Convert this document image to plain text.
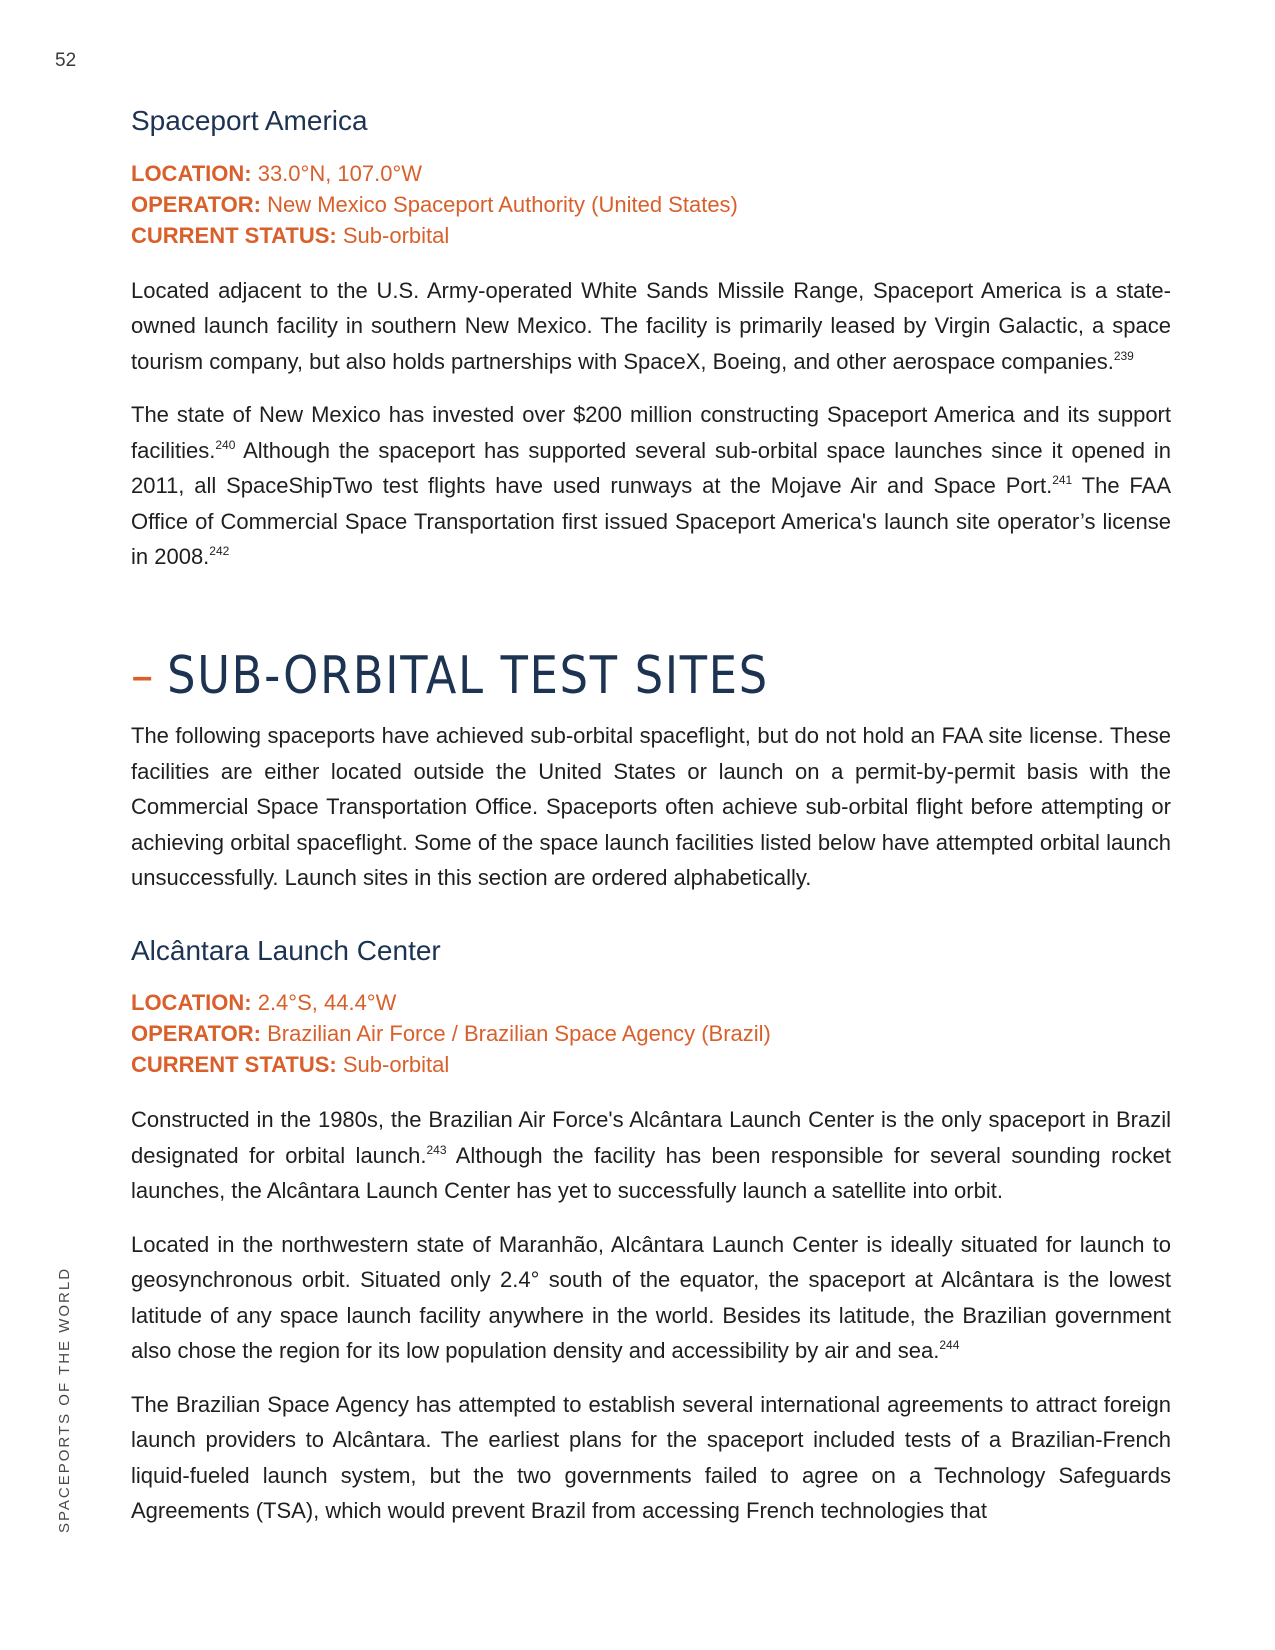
52
SPACEPORTS OF THE WORLD
Spaceport America

LOCATION: 33.0°N, 107.0°W

OPERATOR: New Mexico Spaceport Authority (United States)

CURRENT STATUS: Sub-orbital

Located adjacent to the U.S. Army-operated White Sands Missile Range, Spaceport America is a state-owned launch facility in southern New Mexico. The facility is primarily leased by Virgin Galactic, a space tourism company, but also holds partnerships with SpaceX, Boeing, and other aerospace companies.$^{239}$

The state of New Mexico has invested over $200 million constructing Spaceport America and its support facilities.$^{240}$ Although the spaceport has supported several sub-orbital space launches since it opened in 2011, all SpaceShipTwo test flights have used runways at the Mojave Air and Space Port.$^{241}$ The FAA Office of Commercial Space Transportation first issued Spaceport America's launch site operator’s license in 2008.$^{242}$

– SUB-ORBITAL TEST SITES

The following spaceports have achieved sub-orbital spaceflight, but do not hold an FAA site license. These facilities are either located outside the United States or launch on a permit-by-permit basis with the Commercial Space Transportation Office. Spaceports often achieve sub-orbital flight before attempting or achieving orbital spaceflight. Some of the space launch facilities listed below have attempted orbital launch unsuccessfully. Launch sites in this section are ordered alphabetically.

Alcântara Launch Center

LOCATION: 2.4°S, 44.4°W

OPERATOR: Brazilian Air Force / Brazilian Space Agency (Brazil)

CURRENT STATUS: Sub-orbital

Constructed in the 1980s, the Brazilian Air Force's Alcântara Launch Center is the only spaceport in Brazil designated for orbital launch.$^{243}$ Although the facility has been responsible for several sounding rocket launches, the Alcântara Launch Center has yet to successfully launch a satellite into orbit.

Located in the northwestern state of Maranhão, Alcântara Launch Center is ideally situated for launch to geosynchronous orbit. Situated only 2.4° south of the equator, the spaceport at Alcântara is the lowest latitude of any space launch facility anywhere in the world. Besides its latitude, the Brazilian government also chose the region for its low population density and accessibility by air and sea.$^{244}$

The Brazilian Space Agency has attempted to establish several international agreements to attract foreign launch providers to Alcântara. The earliest plans for the spaceport included tests of a Brazilian-French liquid-fueled launch system, but the two governments failed to agree on a Technology Safeguards Agreements (TSA), which would prevent Brazil from accessing French technologies that
